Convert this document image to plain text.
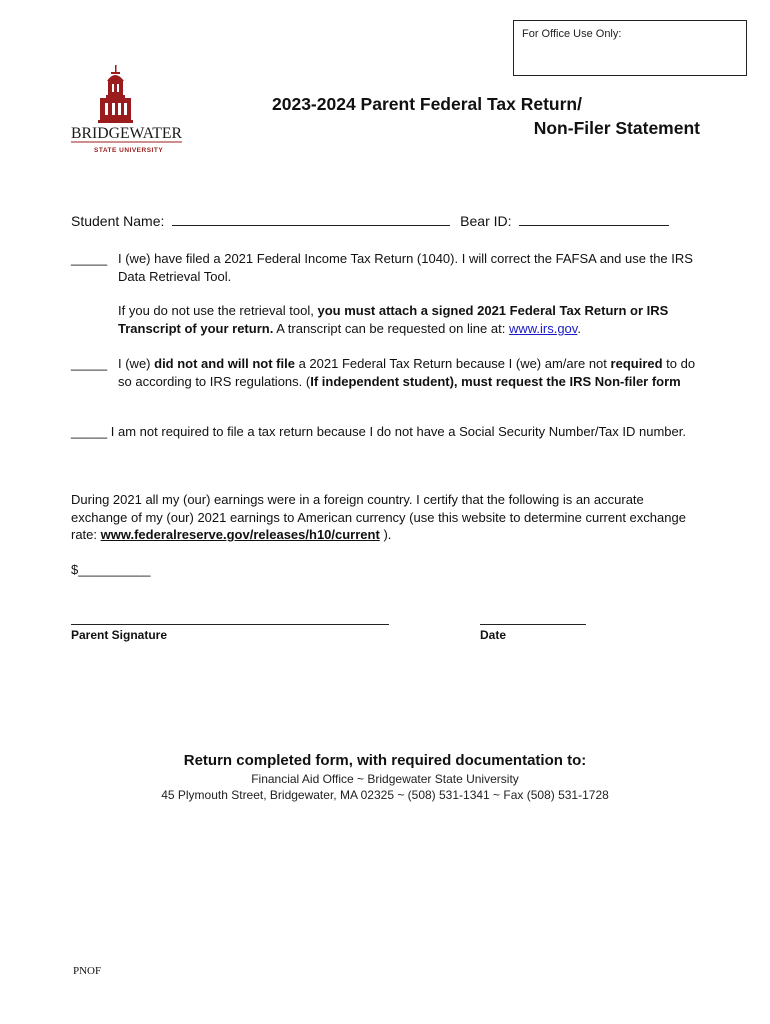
For Office Use Only:
BRIDGEWATER
STATE UNIVERSITY
2023-2024 Parent Federal Tax Return/
Non-Filer Statement
Student Name:	Bear ID:
_____ I (we) have filed a 2021 Federal Income Tax Return (1040). I will correct the FAFSA and use the IRS Data Retrieval Tool.
If you do not use the retrieval tool, you must attach a signed 2021 Federal Tax Return or IRS Transcript of your return. A transcript can be requested on line at: www.irs.gov.
_____ I (we) did not and will not file a 2021 Federal Tax Return because I (we) am/are not required to do so according to IRS regulations. (If independent student), must request the IRS Non-filer form
_____ I am not required to file a tax return because I do not have a Social Security Number/Tax ID number.
During 2021 all my (our) earnings were in a foreign country. I certify that the following is an accurate exchange of my (our) 2021 earnings to American currency (use this website to determine current exchange rate: www.federalreserve.gov/releases/h10/current ).
$__________
Parent Signature	Date
Return completed form, with required documentation to:
Financial Aid Office ~ Bridgewater State University
45 Plymouth Street, Bridgewater, MA 02325 ~ (508) 531-1341 ~ Fax (508) 531-1728
PNOF
